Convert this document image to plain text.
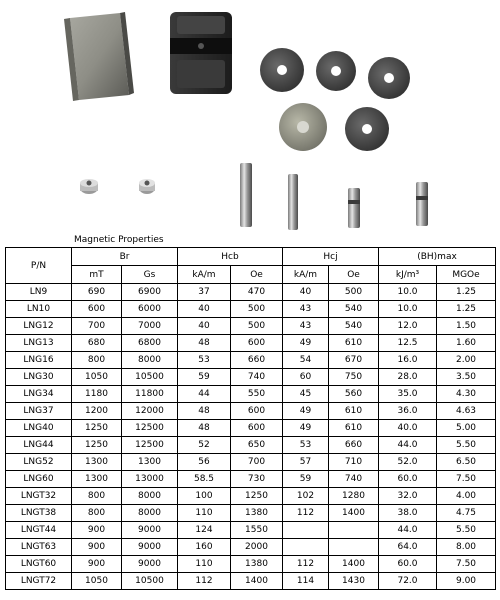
Magnetic Properties
P/N	Br		Hcb		Hcj		(BH)max	
	mT	Gs	kA/m	Oe	kA/m	Oe	kJ/m³	MGOe
LN9	690	6900	37	470	40	500	10.0	1.25
LN10	600	6000	40	500	43	540	10.0	1.25
LNG12	700	7000	40	500	43	540	12.0	1.50
LNG13	680	6800	48	600	49	610	12.5	1.60
LNG16	800	8000	53	660	54	670	16.0	2.00
LNG30	1050	10500	59	740	60	750	28.0	3.50
LNG34	1180	11800	44	550	45	560	35.0	4.30
LNG37	1200	12000	48	600	49	610	36.0	4.63
LNG40	1250	12500	48	600	49	610	40.0	5.00
LNG44	1250	12500	52	650	53	660	44.0	5.50
LNG52	1300	1300	56	700	57	710	52.0	6.50
LNG60	1300	13000	58.5	730	59	740	60.0	7.50
LNGT32	800	8000	100	1250	102	1280	32.0	4.00
LNGT38	800	8000	110	1380	112	1400	38.0	4.75
LNGT44	900	9000	124	1550			44.0	5.50
LNGT63	900	9000	160	2000			64.0	8.00
LNGT60	900	9000	110	1380	112	1400	60.0	7.50
LNGT72	1050	10500	112	1400	114	1430	72.0	9.00
